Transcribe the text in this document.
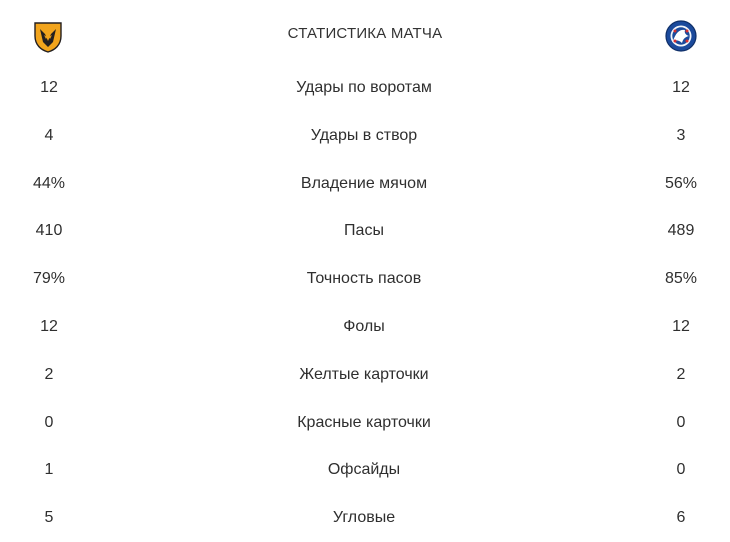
СТАТИСТИКА МАТЧА
12	Удары по воротам	12
4	Удары в створ	3
44%	Владение мячом	56%
410	Пасы	489
79%	Точность пасов	85%
12	Фолы	12
2	Желтые карточки	2
0	Красные карточки	0
1	Офсайды	0
5	Угловые	6
